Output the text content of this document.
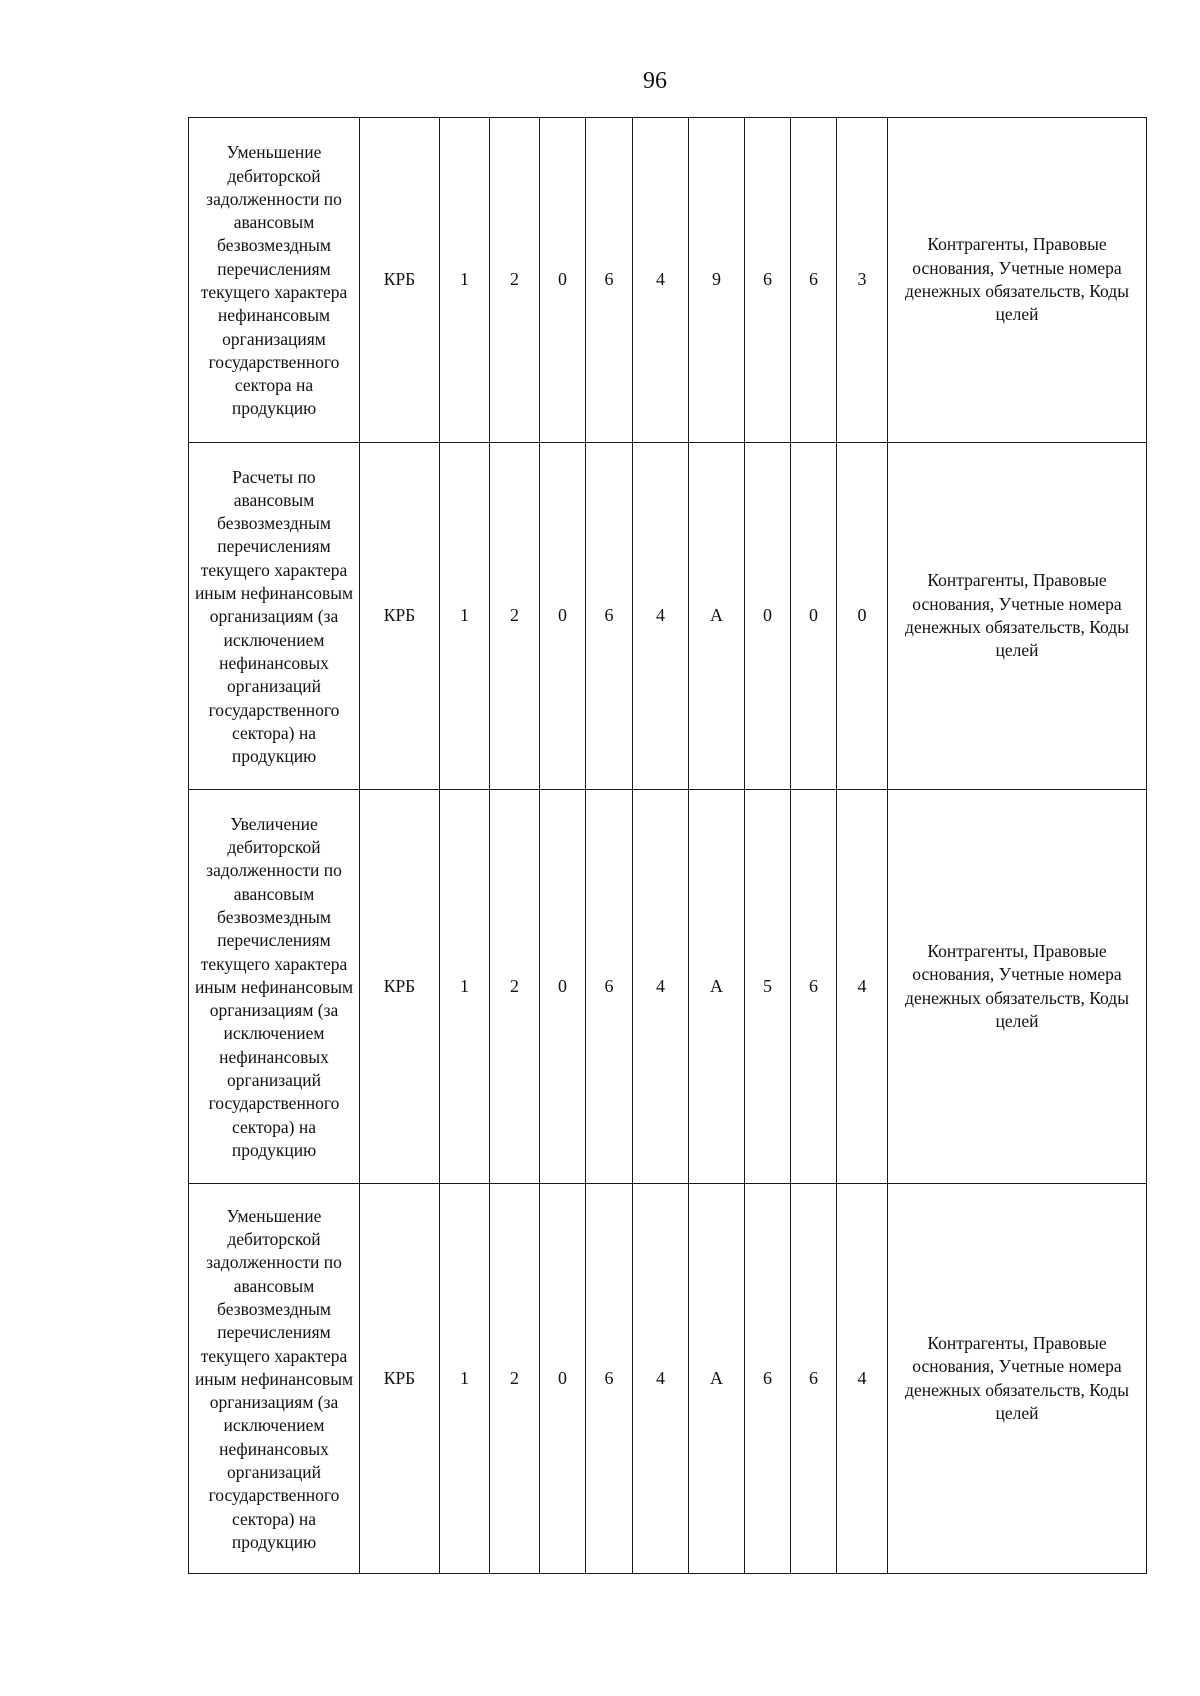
96
Уменьшение дебиторской задолженности по авансовым безвозмездным перечислениям текущего характера нефинансовым организациям государственного сектора на продукцию	КРБ	1	2	0	6	4	9	6	6	3	Контрагенты, Правовые основания, Учетные номера денежных обязательств, Коды целей
Расчеты по авансовым безвозмездным перечислениям текущего характера иным нефинансовым организациям (за исключением нефинансовых организаций государственного сектора) на продукцию	КРБ	1	2	0	6	4	А	0	0	0	Контрагенты, Правовые основания, Учетные номера денежных обязательств, Коды целей
Увеличение дебиторской задолженности по авансовым безвозмездным перечислениям текущего характера иным нефинансовым организациям (за исключением нефинансовых организаций государственного сектора) на продукцию	КРБ	1	2	0	6	4	А	5	6	4	Контрагенты, Правовые основания, Учетные номера денежных обязательств, Коды целей
Уменьшение дебиторской задолженности по авансовым безвозмездным перечислениям текущего характера иным нефинансовым организациям (за исключением нефинансовых организаций государственного сектора) на продукцию	КРБ	1	2	0	6	4	А	6	6	4	Контрагенты, Правовые основания, Учетные номера денежных обязательств, Коды целей
